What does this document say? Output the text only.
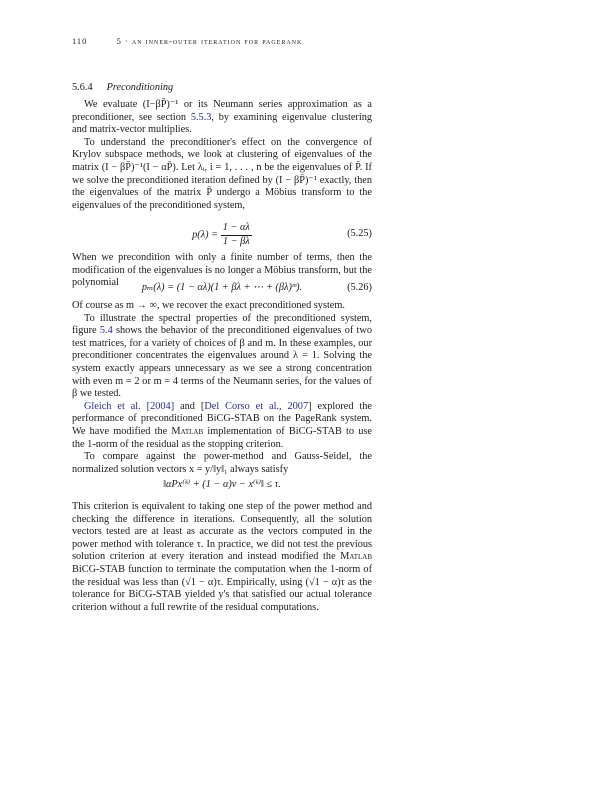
110	5 · an inner-outer iteration for pagerank
5.6.4 Preconditioning

We evaluate (I−βP̄)⁻¹ or its Neumann series approximation as a preconditioner, see section 5.5.3, by examining eigenvalue clustering and matrix-vector multiplies.

To understand the preconditioner's effect on the convergence of Krylov subspace methods, we look at clustering of eigenvalues of the matrix (I − βP̄)⁻¹(I − αP̄). Let λᵢ, i = 1, . . . , n be the eigenvalues of P̄. If we solve the preconditioned iteration defined by (I − βP̄)⁻¹ exactly, then the eigenvalues of the matrix P̄ undergo a Möbius transform to the eigenvalues of the preconditioned system,

$p(\lambda) = \frac{1 - \alpha\lambda}{1 - \beta\lambda}$	(5.25)

When we precondition with only a finite number of terms, then the modification of the eigenvalues is no longer a Möbius transform, but the polynomial	pₘ(λ) = (1 − αλ)(1 + βλ + ⋯ + (βλ)ᵐ).	(5.26)

Of course as m → ∞, we recover the exact preconditioned system.

To illustrate the spectral properties of the preconditioned system, figure 5.4 shows the behavior of the preconditioned eigenvalues of two test matrices, for a variety of choices of β and m. In these examples, our preconditioner concentrates the eigenvalues around λ = 1. Solving the system exactly appears unnecessary as we see a strong concentration with even m = 2 or m = 4 terms of the Neumann series, for the values of β we tested.

Gleich et al. [2004] and [Del Corso et al., 2007] explored the performance of preconditioned BiCG-STAB on the PageRank system. We have modified the Matlab implementation of BiCG-STAB to use the 1-norm of the residual as the stopping criterion.

To compare against the power-method and Gauss-Seidel, the normalized solution vectors x = y/‖y‖₁ always satisfy

‖αPx⁽ᵏ⁾ + (1 − α)v − x⁽ᵏ⁾‖ ≤ τ.

This criterion is equivalent to taking one step of the power method and checking the difference in iterations. Consequently, all the solution vectors tested are at least as accurate as the vectors computed in the power method with tolerance τ. In practice, we did not test the previous solution criterion at every iteration and instead modified the Matlab BiCG-STAB function to terminate the computation when the 1-norm of the residual was less than (√1 − α)τ. Empirically, using (√1 − α)τ as the tolerance for BiCG-STAB yielded y's that satisfied our actual tolerance criterion without a full rewrite of the residual computations.
